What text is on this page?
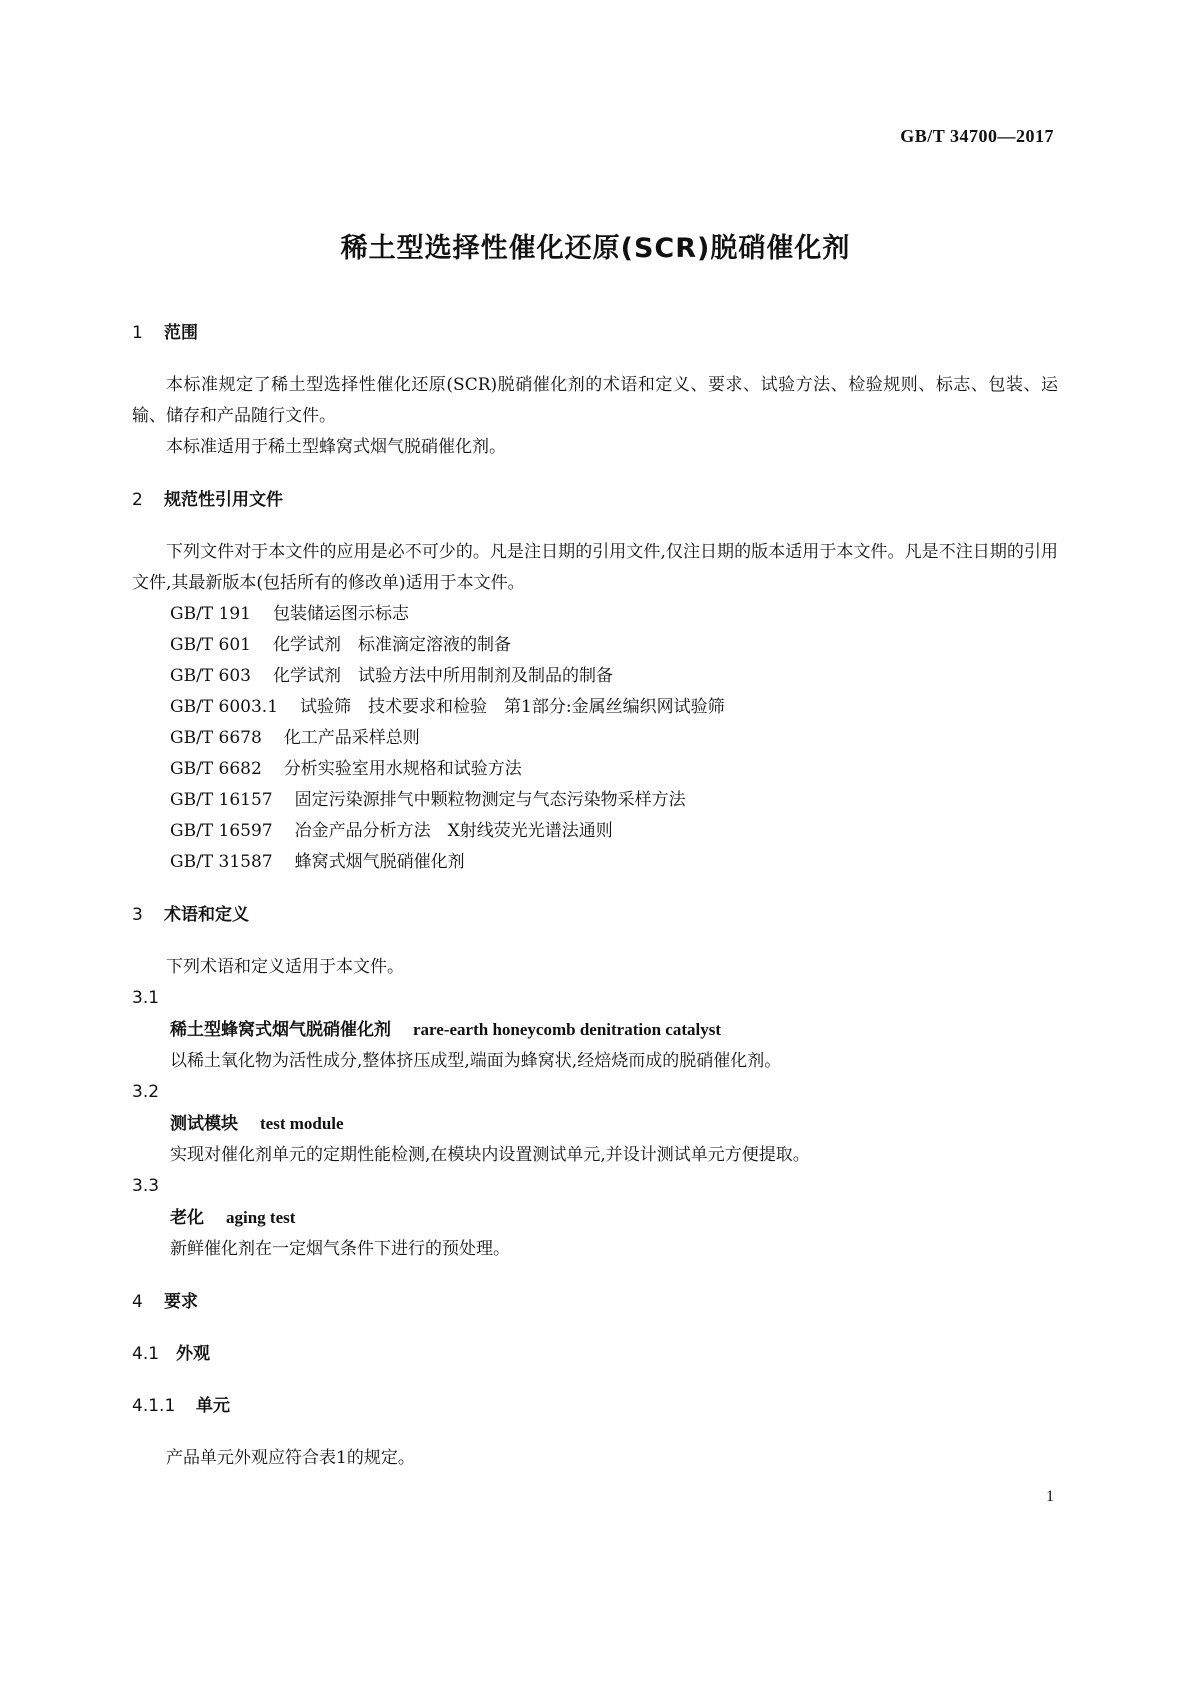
GB/T 34700—2017
稀土型选择性催化还原(SCR)脱硝催化剂
1 范围
本标准规定了稀土型选择性催化还原(SCR)脱硝催化剂的术语和定义、要求、试验方法、检验规则、标志、包装、运输、储存和产品随行文件。
本标准适用于稀土型蜂窝式烟气脱硝催化剂。
2 规范性引用文件
下列文件对于本文件的应用是必不可少的。凡是注日期的引用文件,仅注日期的版本适用于本文件。凡是不注日期的引用文件,其最新版本(包括所有的修改单)适用于本文件。
GB/T 191 包装储运图示标志
GB/T 601 化学试剂　标准滴定溶液的制备
GB/T 603 化学试剂　试验方法中所用制剂及制品的制备
GB/T 6003.1 试验筛　技术要求和检验　第1部分:金属丝编织网试验筛
GB/T 6678 化工产品采样总则
GB/T 6682 分析实验室用水规格和试验方法
GB/T 16157 固定污染源排气中颗粒物测定与气态污染物采样方法
GB/T 16597 冶金产品分析方法　X射线荧光光谱法通则
GB/T 31587 蜂窝式烟气脱硝催化剂
3 术语和定义
下列术语和定义适用于本文件。
3.1
稀土型蜂窝式烟气脱硝催化剂 rare-earth honeycomb denitration catalyst
以稀土氧化物为活性成分,整体挤压成型,端面为蜂窝状,经焙烧而成的脱硝催化剂。
3.2
测试模块 test module
实现对催化剂单元的定期性能检测,在模块内设置测试单元,并设计测试单元方便提取。
3.3
老化 aging test
新鲜催化剂在一定烟气条件下进行的预处理。
4 要求
4.1 外观
4.1.1 单元
产品单元外观应符合表1的规定。
1
